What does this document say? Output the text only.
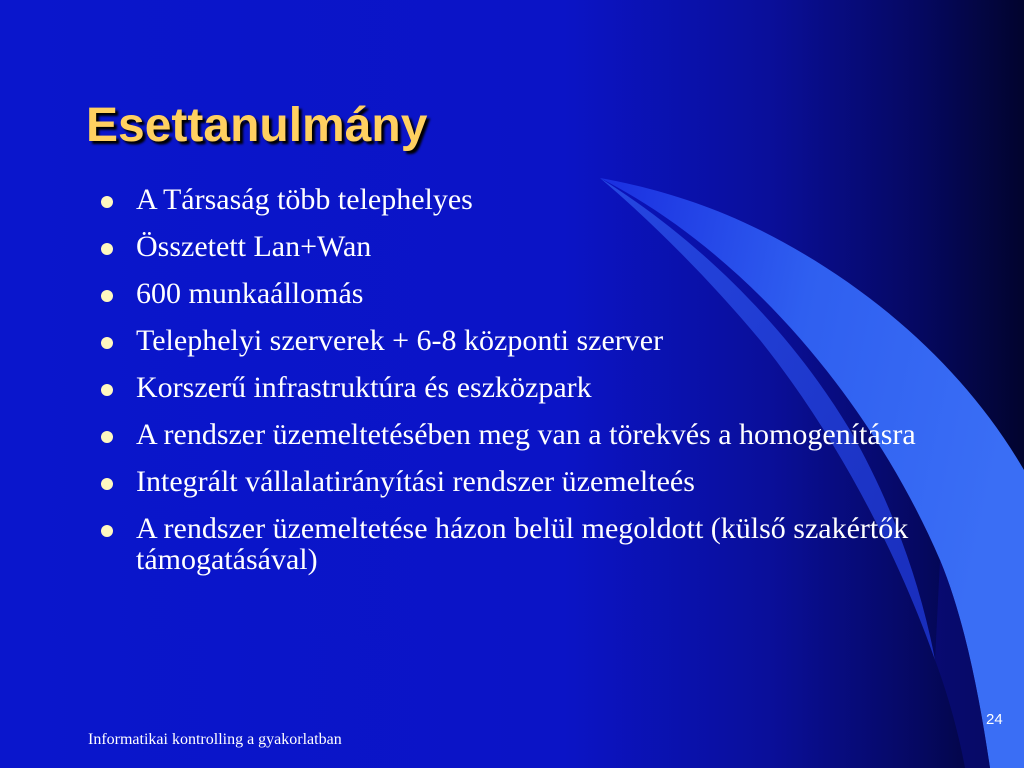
Esettanulmány
A Társaság több telephelyes
Összetett Lan+Wan
600 munkaállomás
Telephelyi szerverek + 6-8 központi szerver
Korszerű infrastruktúra és eszközpark
A rendszer üzemeltetésében meg van a törekvés a homogenításra
Integrált vállalatirányítási rendszer üzemelteés
A rendszer üzemeltetése házon belül megoldott (külső szakértők támogatásával)
Informatikai kontrolling a gyakorlatban
24
